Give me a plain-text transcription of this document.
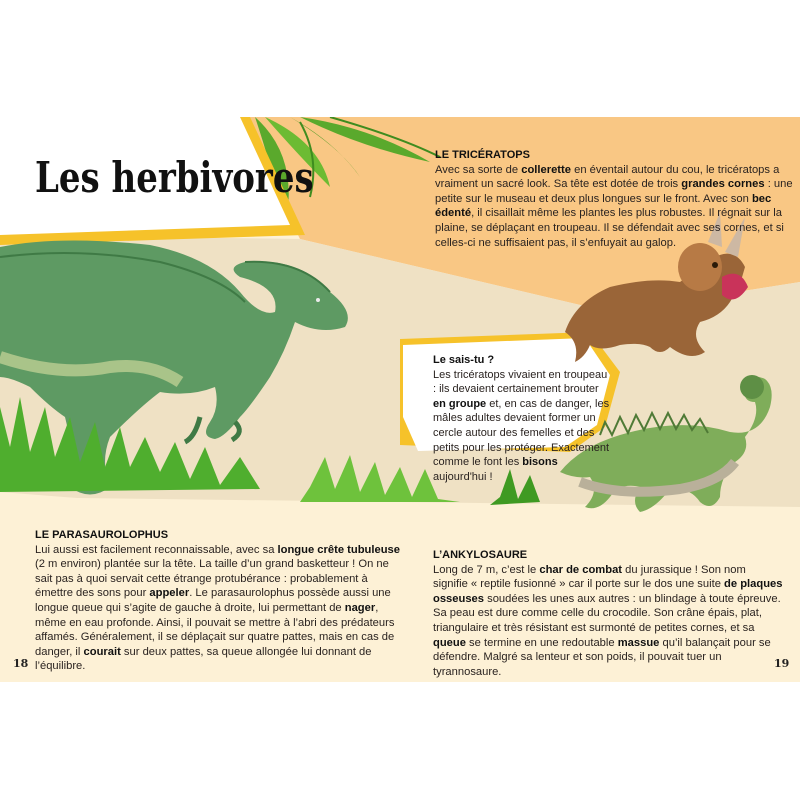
Les herbivores	LE TRICÉRATOPS
Avec sa sorte de collerette en éventail autour du cou, le tricératops a vraiment un sacré look. Sa tête est dotée de trois grandes cornes : une petite sur le museau et deux plus longues sur le front. Avec son bec édenté, il cisaillait même les plantes les plus robustes. Il régnait sur la plaine, se déplaçant en troupeau. Il se défendait avec ses cornes, et si celles-ci ne suffisaient pas, il s’enfuyait au galop.
Le sais-tu ?
Les tricératops vivaient en troupeau : ils devaient certainement brouter en groupe et, en cas de danger, les mâles adultes devaient former un cercle autour des femelles et des petits pour les protéger. Exactement comme le font les bisons aujourd'hui !
LE PARASAUROLOPHUS
Lui aussi est facilement reconnaissable, avec sa longue crête tubuleuse (2 m environ) plantée sur la tête. La taille d’un grand basketteur ! On ne sait pas à quoi servait cette étrange protubérance : probablement à émettre des sons pour appeler. Le parasaurolophus possède aussi une longue queue qui s’agite de gauche à droite, lui permettant de nager, même en eau profonde. Ainsi, il pouvait se mettre à l’abri des prédateurs affamés. Généralement, il se déplaçait sur quatre pattes, mais en cas de danger, il courait sur deux pattes, sa queue allongée lui donnant de l’équilibre.
L’ANKYLOSAURE
Long de 7 m, c’est le char de combat du jurassique ! Son nom signifie « reptile fusionné » car il porte sur le dos une suite de plaques osseuses soudées les unes aux autres : un blindage à toute épreuve. Sa peau est dure comme celle du crocodile. Son crâne épais, plat, triangulaire et très résistant est surmonté de petites cornes, et sa queue se termine en une redoutable massue qu’il balançait pour se défendre. Malgré sa lenteur et son poids, il pouvait tuer un tyrannosaure.
18	19
